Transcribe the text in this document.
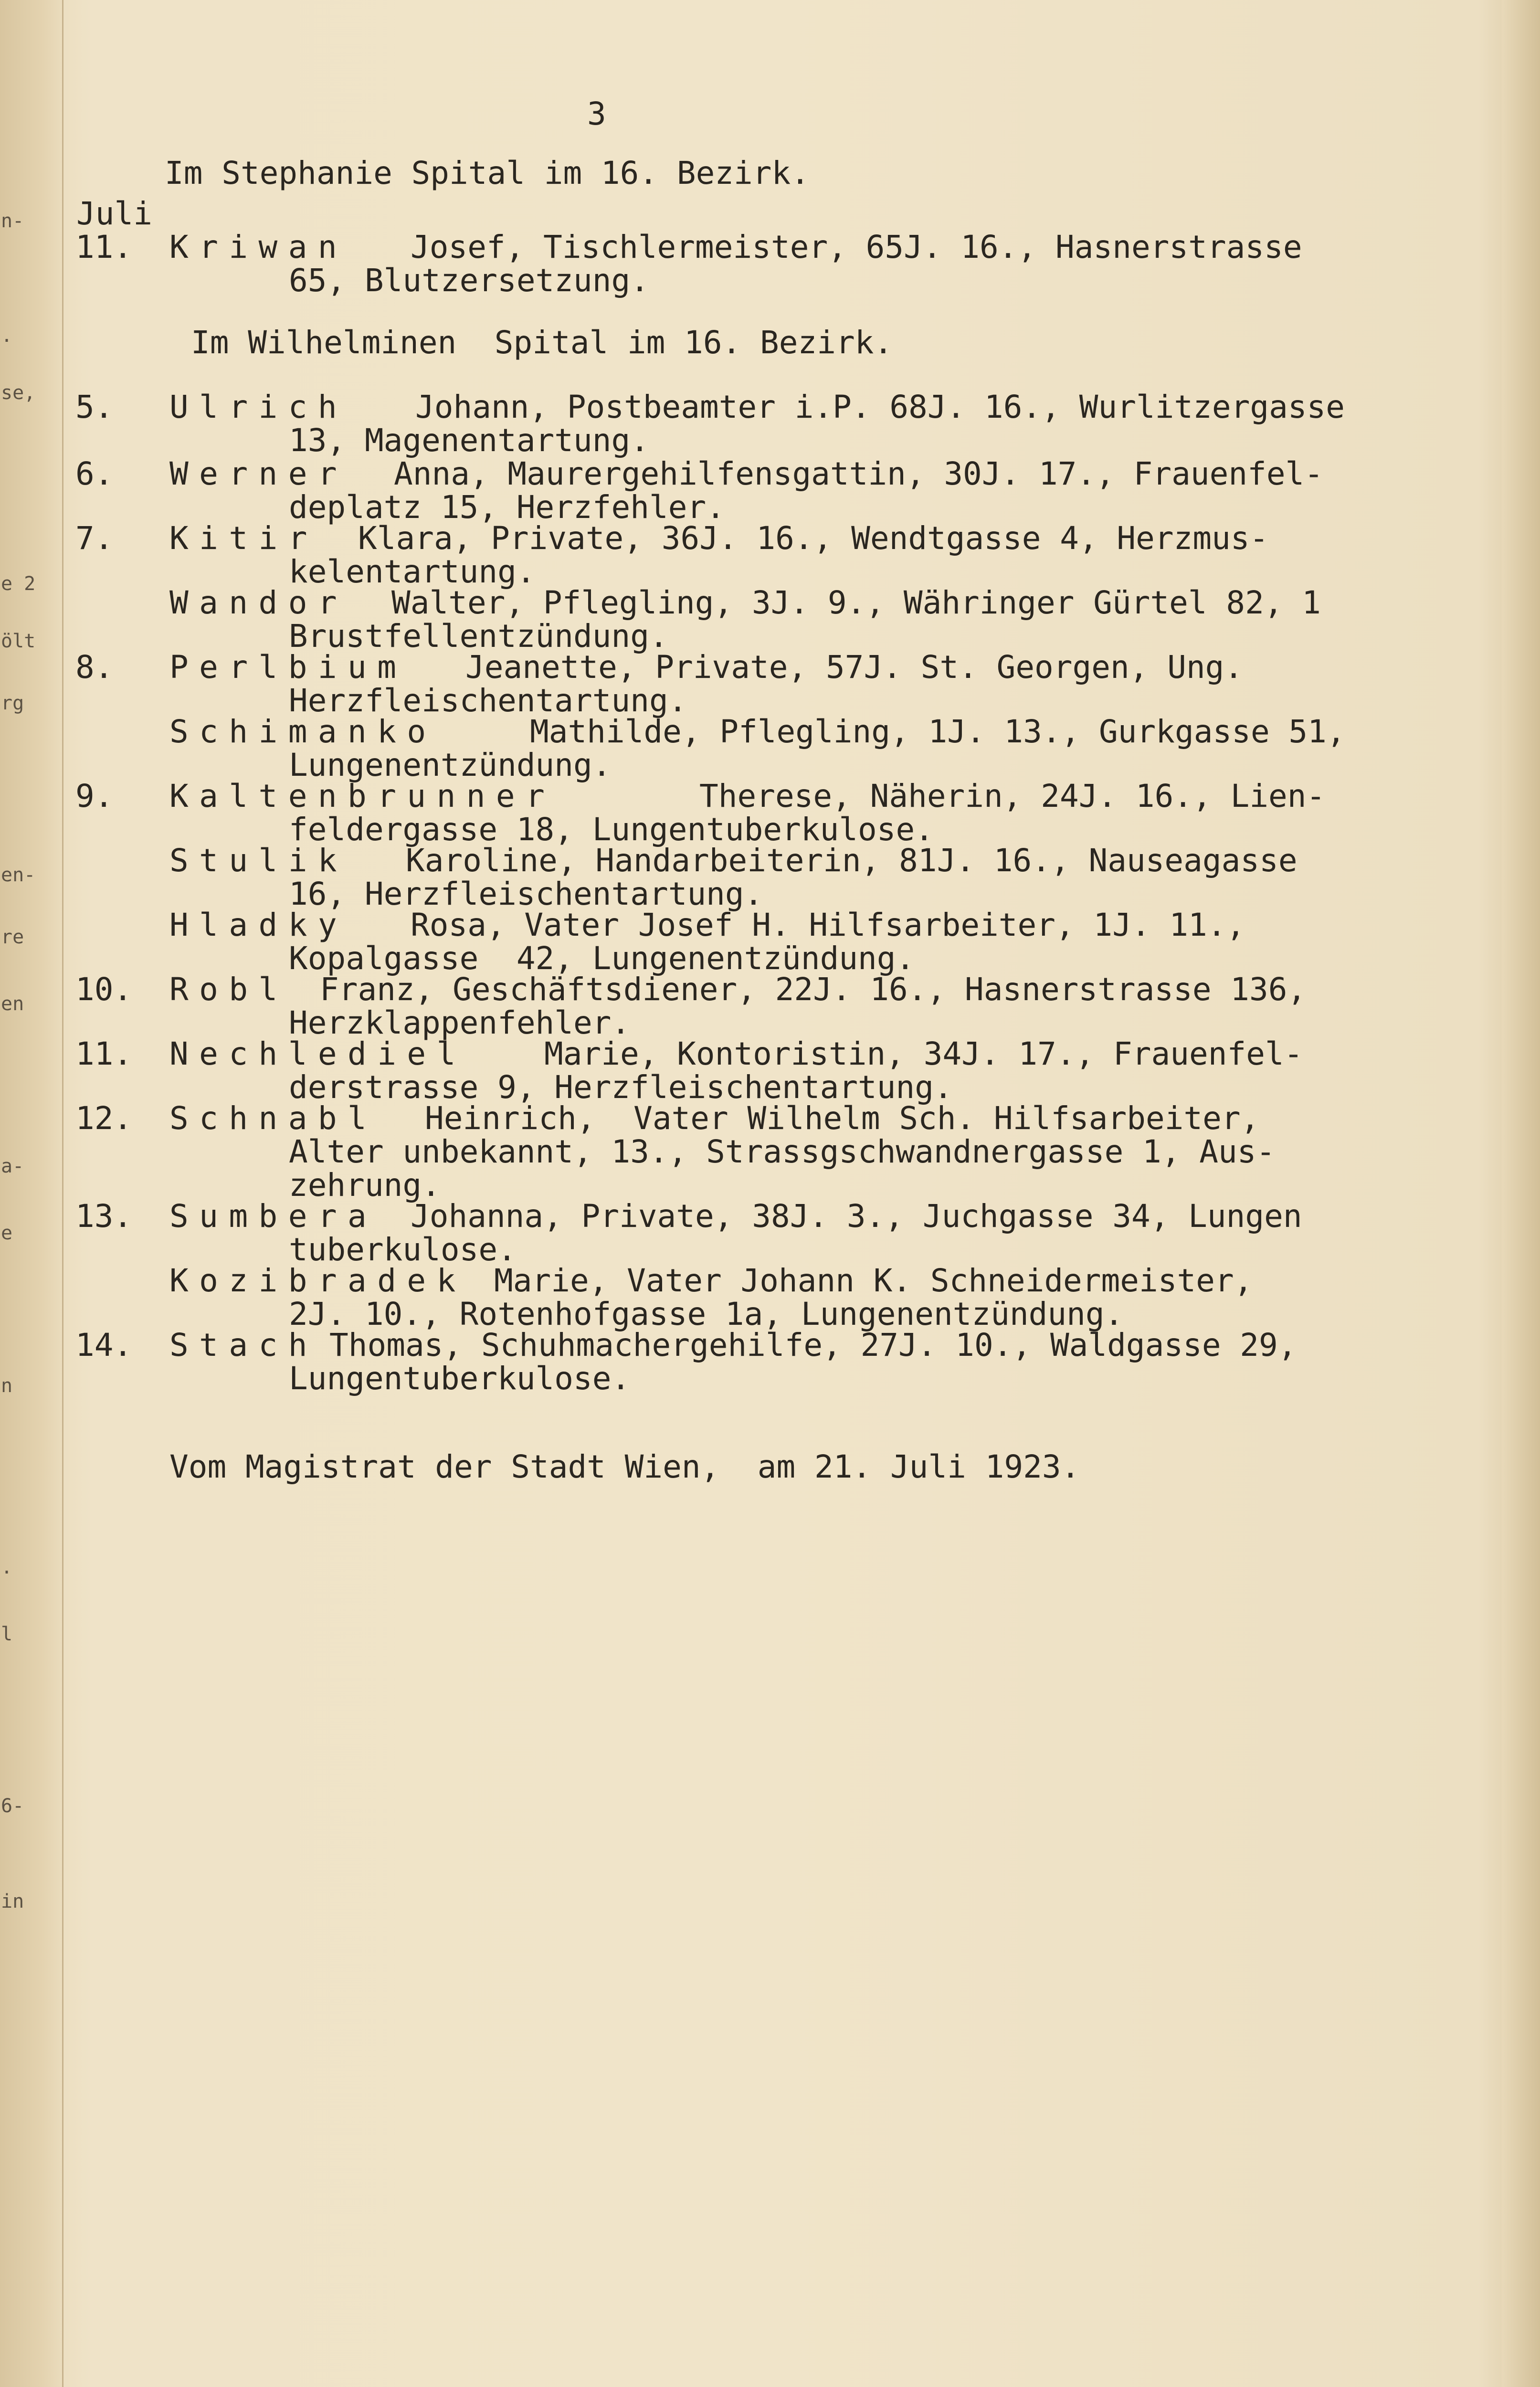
n-
.
se,
e 2
ölt
rg
en-
re
en
a-
e
n
.
l
6-
in
3
Im Stephanie Spital im 16. Bezirk.
Juli
11. Kriwan Josef, Tischlermeister, 65J. 16., Hasnerstrasse
65, Blutzersetzung.
Im Wilhelminen  Spital im 16. Bezirk.
5. Ulrich Johann, Postbeamter i.P. 68J. 16., Wurlitzergasse
13, Magenentartung.
6. Werner Anna, Maurergehilfensgattin, 30J. 17., Frauenfel-
deplatz 15, Herzfehler.
7. Kitir Klara, Private, 36J. 16., Wendtgasse 4, Herzmus-
kelentartung.
Wandor Walter, Pflegling, 3J. 9., Währinger Gürtel 82, 1
Brustfellentzündung.
8. Perlbium Jeanette, Private, 57J. St. Georgen, Ung.
Herzfleischentartung.
Schimanko	Mathilde, Pflegling, 1J. 13., Gurkgasse 51,
Lungenentzündung.
9. Kaltenbrunner	Therese, Näherin, 24J. 16., Lien-
feldergasse 18, Lungentuberkulose.
Stulik Karoline, Handarbeiterin, 81J. 16., Nauseagasse
16, Herzfleischentartung.
Hladky Rosa, Vater Josef H. Hilfsarbeiter, 1J. 11.,
Kopalgasse  42, Lungenentzündung.
10. Robl Franz, Geschäftsdiener, 22J. 16., Hasnerstrasse 136,
Herzklappenfehler.
11. Nechlediel Marie, Kontoristin, 34J. 17., Frauenfel-
derstrasse 9, Herzfleischentartung.
12. Schnabl Heinrich,  Vater Wilhelm Sch. Hilfsarbeiter,
Alter unbekannt, 13., Strassgschwandnergasse 1, Aus-
zehrung.
13. Sumbera Johanna, Private, 38J. 3., Juchgasse 34, Lungen
tuberkulose.
Kozibradek Marie, Vater Johann K. Schneidermeister,
2J. 10., Rotenhofgasse 1a, Lungenentzündung.
14. Stach Thomas, Schuhmachergehilfe, 27J. 10., Waldgasse 29,
Lungentuberkulose.
Vom Magistrat der Stadt Wien,  am 21. Juli 1923.
